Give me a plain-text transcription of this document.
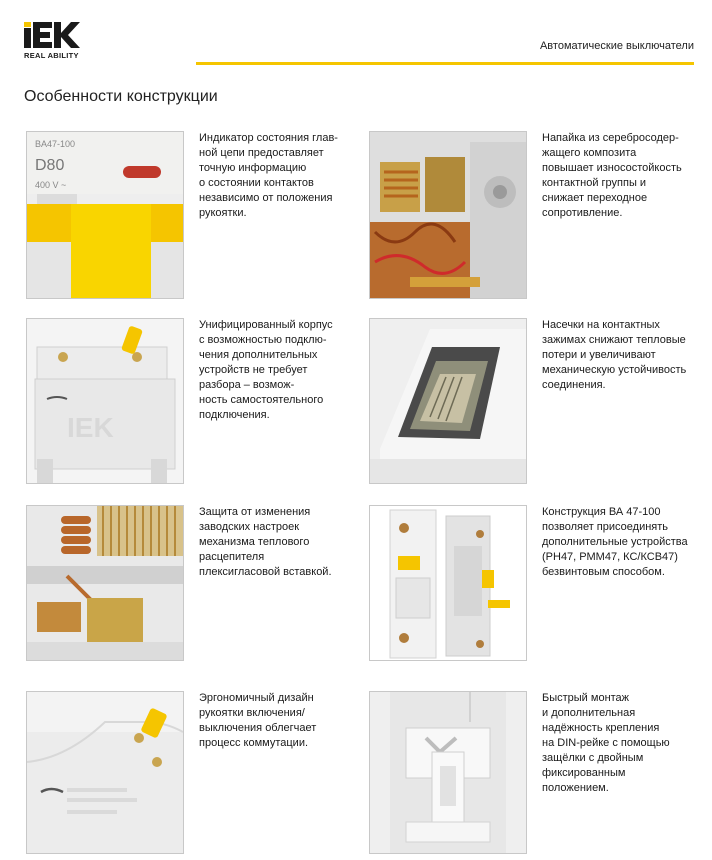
REAL ABILITY
Автоматические выключатели
Особенности конструкции
BA47-100
D80
400 V ~
Индикатор состояния глав-
ной цепи предоставляет
точную информацию
о состоянии контактов
независимо от положения
рукоятки.
Напайка из серебросодер-
жащего композита
повышает износостойкость
контактной группы и
снижает переходное
сопротивление.
IEK
Унифицированный корпус
с возможностью подклю-
чения дополнительных
устройств не требует
разбора – возмож-
ность самостоятельного
подключения.
Насечки на контактных
зажимах снижают тепловые
потери и увеличивают
механическую устойчивость
соединения.
Защита от изменения
заводских настроек
механизма теплового
расцепителя
плексигласовой вставкой.
Конструкция ВА 47-100
позволяет присоединять
дополнительные устройства
(РН47, РММ47, КС/КСВ47)
безвинтовым способом.
Эргономичный дизайн
рукоятки включения/
выключения облегчает
процесс коммутации.
Быстрый монтаж
и дополнительная
надёжность крепления
на DIN-рейке с помощью
защёлки с двойным
фиксированным
положением.
